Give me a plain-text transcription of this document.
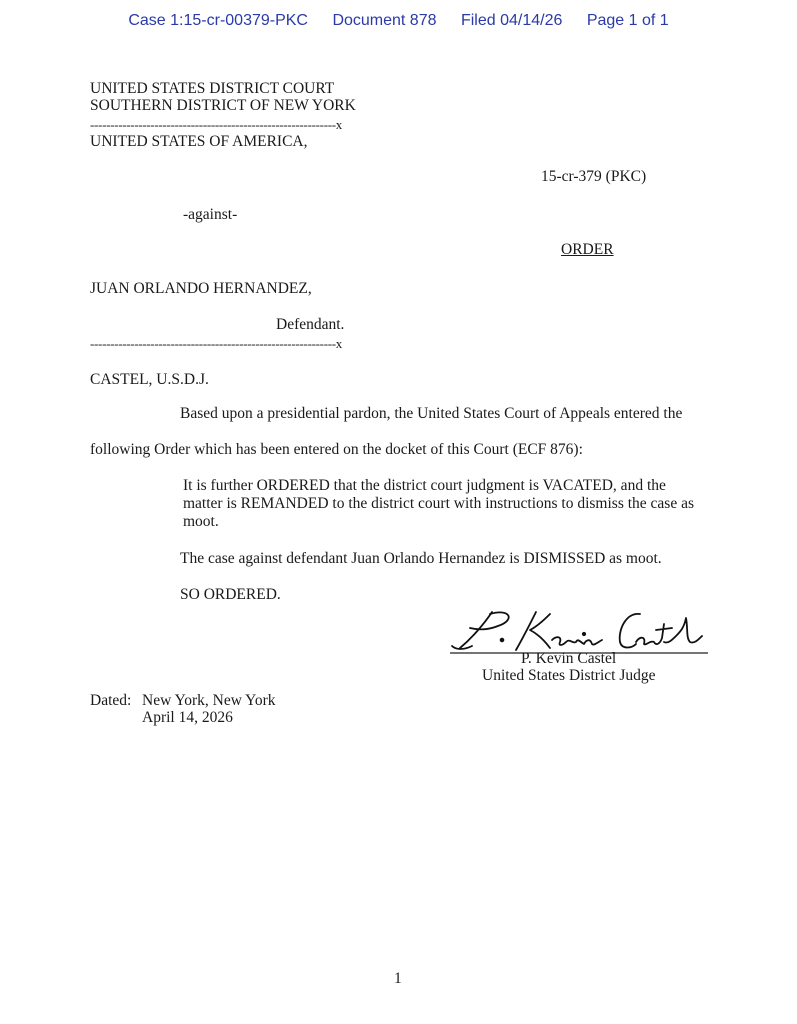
Case 1:15-cr-00379-PKC Document 878 Filed 04/14/26 Page 1 of 1
UNITED STATES DISTRICT COURT
SOUTHERN DISTRICT OF NEW YORK
-------------------------------------------------------------x
UNITED STATES OF AMERICA,
15-cr-379 (PKC)
-against-
ORDER
JUAN ORLANDO HERNANDEZ,
Defendant.
-------------------------------------------------------------x
CASTEL, U.S.D.J.
Based upon a presidential pardon, the United States Court of Appeals entered the
following Order which has been entered on the docket of this Court (ECF 876):
It is further ORDERED that the district court judgment is VACATED, and the matter is REMANDED to the district court with instructions to dismiss the case as moot.
The case against defendant Juan Orlando Hernandez is DISMISSED as moot.
SO ORDERED.
P. Kevin Castel
United States District Judge
Dated: New York, New York
April 14, 2026
1
